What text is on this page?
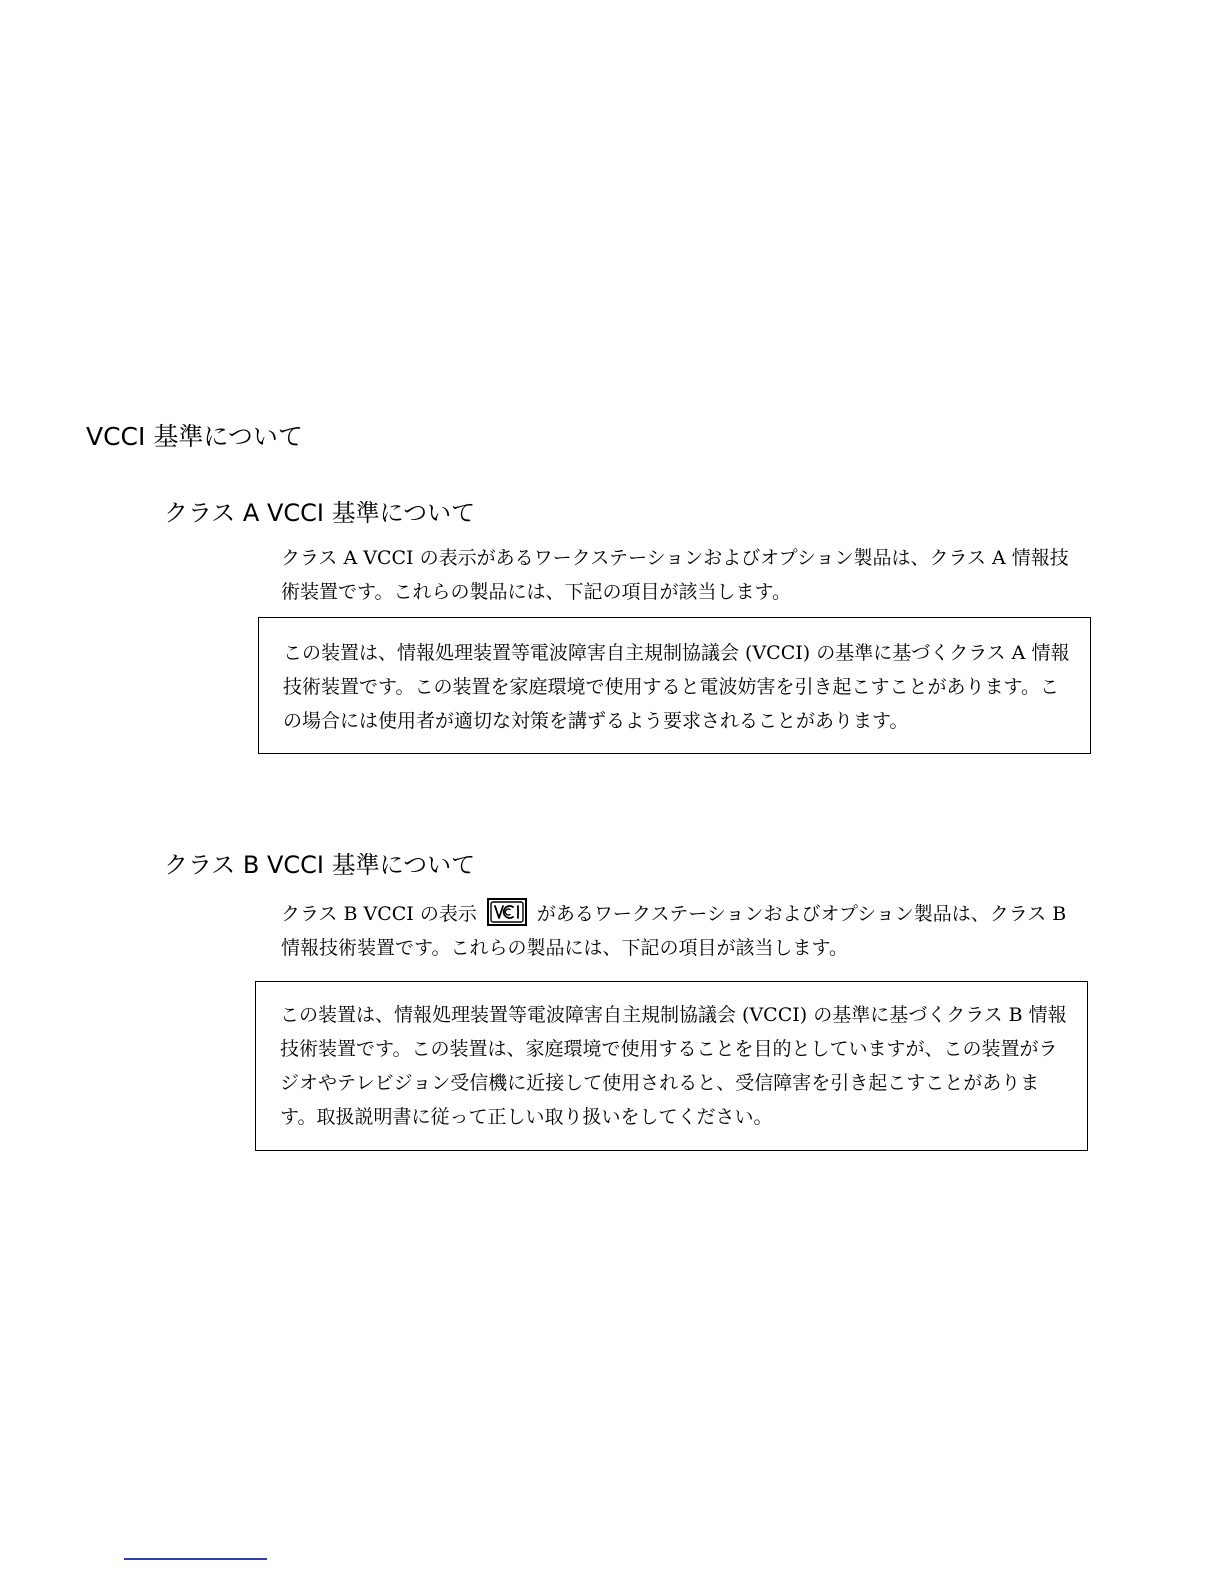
VCCI 基準について
クラス A VCCI 基準について

クラス A VCCI の表示があるワークステーションおよびオプション製品は、クラス A 情報技術装置です。これらの製品には、下記の項目が該当します。

この装置は、情報処理装置等電波障害自主規制協議会 (VCCI) の基準に基づくクラス A 情報技術装置です。この装置を家庭環境で使用すると電波妨害を引き起こすことがあります。この場合には使用者が適切な対策を講ずるよう要求されることがあります。

クラス B VCCI 基準について

クラス B VCCI の表示	があるワークステーションおよびオプション製品は、クラス B 情報技術装置です。これらの製品には、下記の項目が該当します。

この装置は、情報処理装置等電波障害自主規制協議会 (VCCI) の基準に基づくクラス B 情報技術装置です。この装置は、家庭環境で使用することを目的としていますが、この装置がラジオやテレビジョン受信機に近接して使用されると、受信障害を引き起こすことがあります。取扱説明書に従って正しい取り扱いをしてください。
